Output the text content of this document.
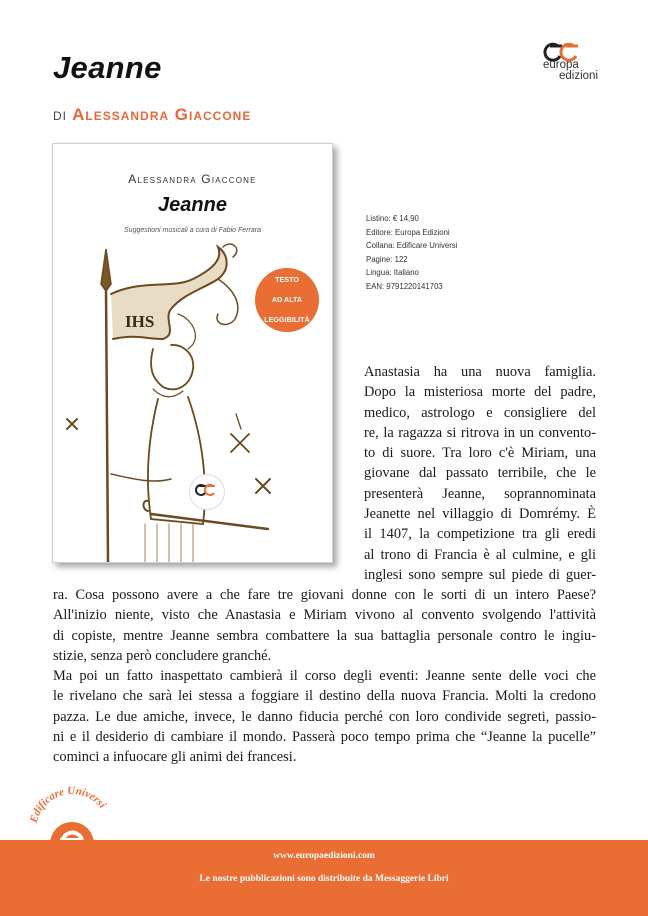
Jeanne
di Alessandra Giaccone
europa
edizioni
Alessandra Giaccone
Jeanne
Suggestioni musicali a cura di Fabio Ferrara
IHS
TESTO

AD ALTA

LEGGIBILITÀ
Listino: € 14,90
Editore: Europa Edizioni
Collana: Edificare Universi
Pagine: 122
Lingua: Italiano
EAN: 9791220141703

Anastasia ha una nuova famiglia.
Dopo la misteriosa morte del padre,
medico, astrologo e consigliere del
re, la ragazza si ritrova in un convento-
to di suore. Tra loro c'è Miriam, una
giovane dal passato terribile, che le
presenterà Jeanne, soprannominata
Jeanette nel villaggio di Domrémy. È
il 1407, la competizione tra gli eredi
al trono di Francia è al culmine, e gli
inglesi sono sempre sul piede di guer-

ra. Cosa possono avere a che fare tre giovani donne con le sorti di un intero Paese?
All'inizio niente, visto che Anastasia e Miriam vivono al convento svolgendo l'attività
di copiste, mentre Jeanne sembra combattere la sua battaglia personale contro le ingiu-
stizie, senza però concludere granché.
Ma poi un fatto inaspettato cambierà il corso degli eventi: Jeanne sente delle voci che
le rivelano che sarà lei stessa a foggiare il destino della nuova Francia. Molti la credono
pazza. Le due amiche, invece, le danno fiducia perché con loro condivide segreti, passio-
ni e il desiderio di cambiare il mondo. Passerà poco tempo prima che “Jeanne la pucelle”
cominci a infuocare gli animi dei francesi.

Edificare Universi
www.europaedizioni.com
Le nostre pubblicazioni sono distribuite da Messaggerie Libri
